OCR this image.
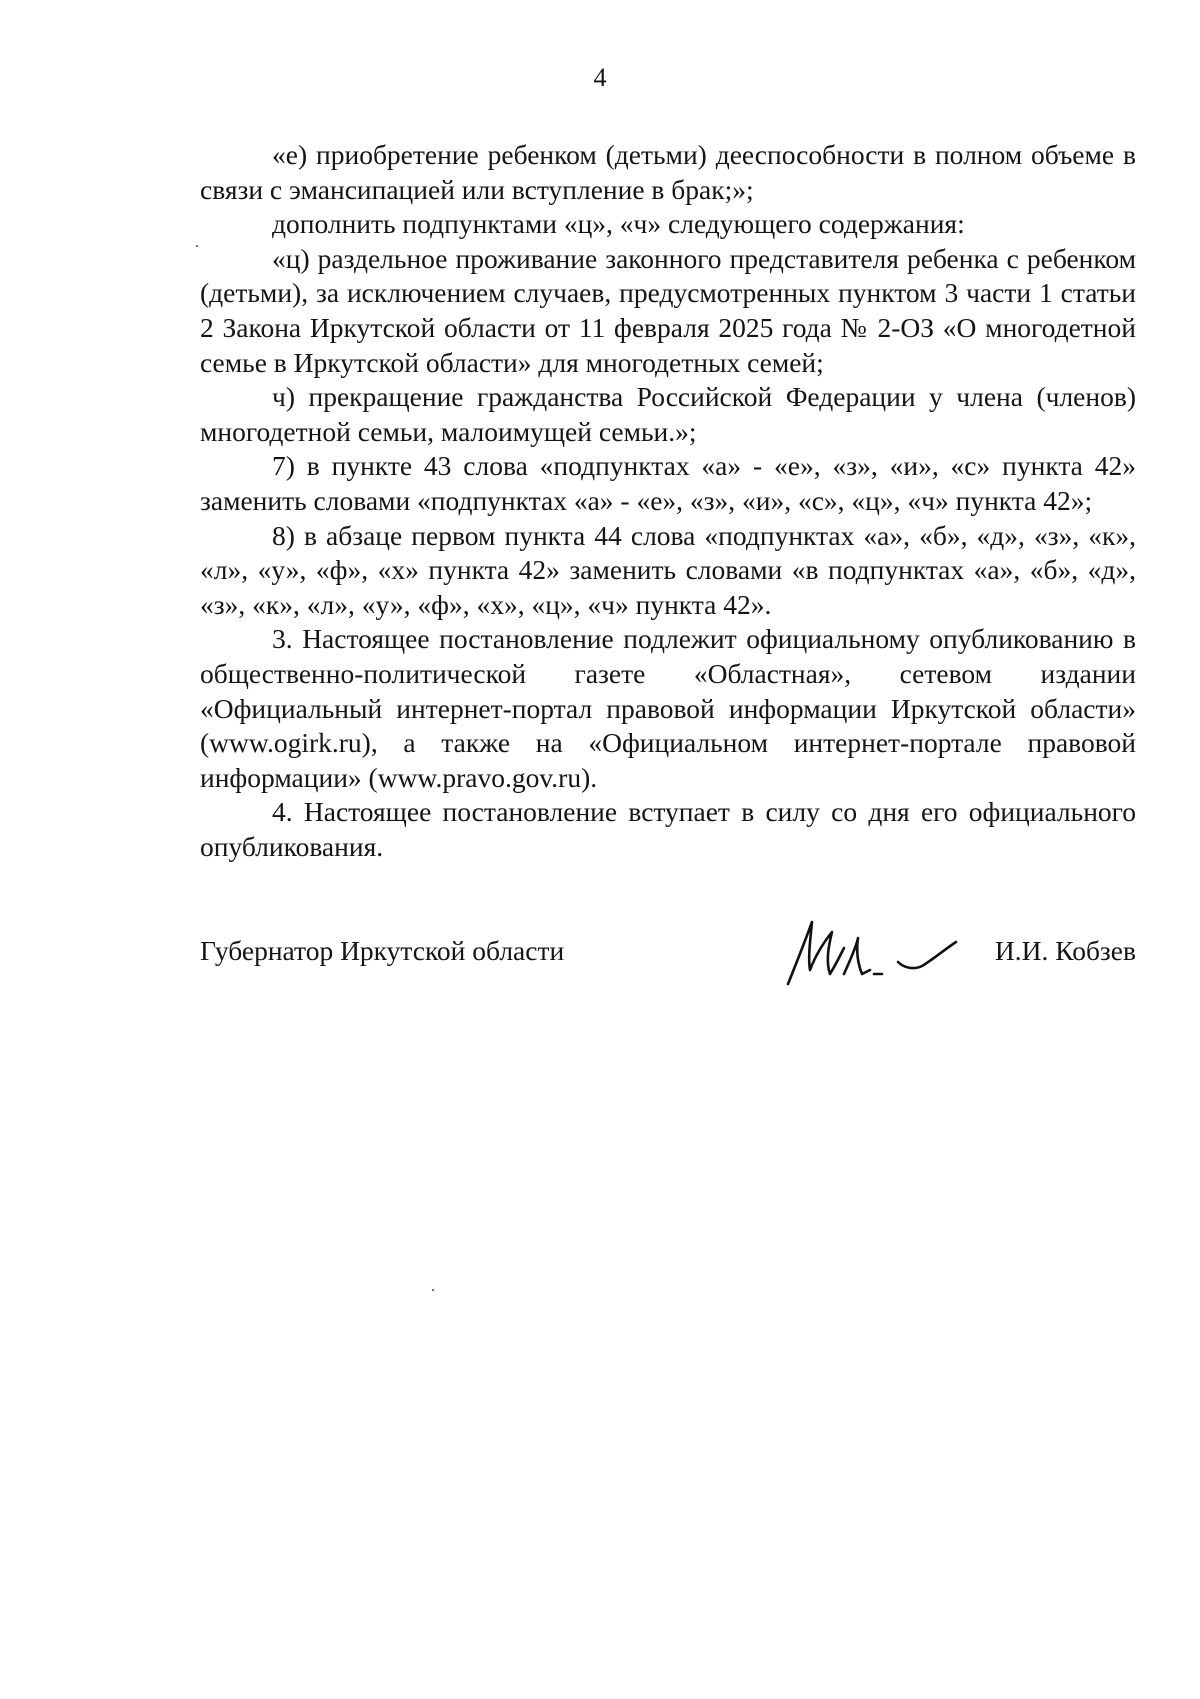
4

«е) приобретение ребенком (детьми) дееспособности в полном объеме в связи с эмансипацией или вступление в брак;»;

дополнить подпунктами «ц», «ч» следующего содержания:

«ц) раздельное проживание законного представителя ребенка с ребенком (детьми), за исключением случаев, предусмотренных пунктом 3 части 1 статьи 2 Закона Иркутской области от 11 февраля 2025 года № 2-ОЗ «О многодетной семье в Иркутской области» для многодетных семей;

ч) прекращение гражданства Российской Федерации у члена (членов) многодетной семьи, малоимущей семьи.»;

7) в пункте 43 слова «подпунктах «а» - «е», «з», «и», «с» пункта 42» заменить словами «подпунктах «а» - «е», «з», «и», «с», «ц», «ч» пункта 42»;

8) в абзаце первом пункта 44 слова «подпунктах «а», «б», «д», «з», «к», «л», «у», «ф», «х» пункта 42» заменить словами «в подпунктах «а», «б», «д», «з», «к», «л», «у», «ф», «х», «ц», «ч» пункта 42».

3. Настоящее постановление подлежит официальному опубликованию в общественно-политической газете «Областная», сетевом издании «Официальный интернет-портал правовой информации Иркутской области» (www.ogirk.ru), а также на «Официальном интернет-портале правовой информации» (www.pravo.gov.ru).

4. Настоящее постановление вступает в силу со дня его официального опубликования.

Губернатор Иркутской области	И.И. Кобзев
